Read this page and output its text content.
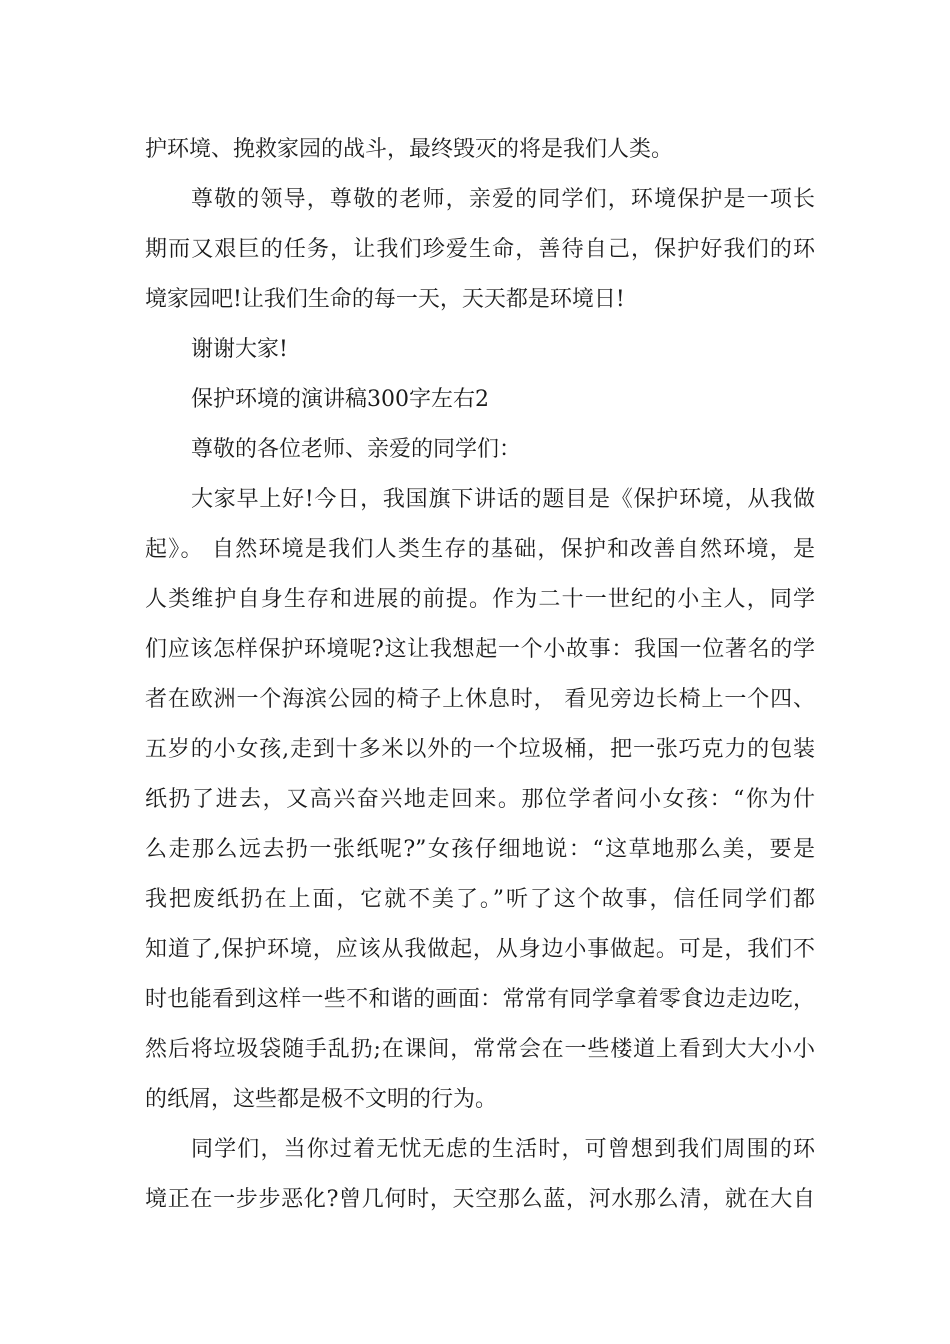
护环境、挽救家园的战斗，最终毁灭的将是我们人类。
尊敬的领导，尊敬的老师，亲爱的同学们，环境保护是一项长
期而又艰巨的任务，让我们珍爱生命，善待自己，保护好我们的环
境家园吧!让我们生命的每一天，天天都是环境日!
谢谢大家!
保护环境的演讲稿300字左右2
尊敬的各位老师、亲爱的同学们：
大家早上好!今日，我国旗下讲话的题目是《保护环境，从我做
起》。 自然环境是我们人类生存的基础，保护和改善自然环境，是
人类维护自身生存和进展的前提。作为二十一世纪的小主人，同学
们应该怎样保护环境呢?这让我想起一个小故事：我国一位著名的学
者在欧洲一个海滨公园的椅子上休息时， 看见旁边长椅上一个四、
五岁的小女孩,走到十多米以外的一个垃圾桶，把一张巧克力的包装
纸扔了进去，又高兴奋兴地走回来。那位学者问小女孩：“你为什
么走那么远去扔一张纸呢?”女孩仔细地说：“这草地那么美，要是
我把废纸扔在上面，它就不美了。”听了这个故事，信任同学们都
知道了,保护环境，应该从我做起，从身边小事做起。可是，我们不
时也能看到这样一些不和谐的画面：常常有同学拿着零食边走边吃，
然后将垃圾袋随手乱扔;在课间，常常会在一些楼道上看到大大小小
的纸屑，这些都是极不文明的行为。
同学们，当你过着无忧无虑的生活时，可曾想到我们周围的环
境正在一步步恶化?曾几何时，天空那么蓝，河水那么清，就在大自
